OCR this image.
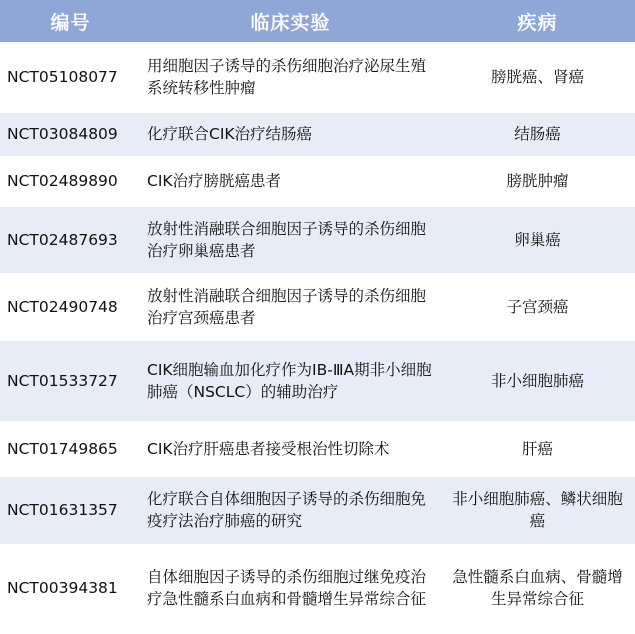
编号	临床实验	疾病
NCT05108077	用细胞因子诱导的杀伤细胞治疗泌尿生殖系统转移性肿瘤	膀胱癌、肾癌
NCT03084809	化疗联合CIK治疗结肠癌	结肠癌
NCT02489890	CIK治疗膀胱癌患者	膀胱肿瘤
NCT02487693	放射性消融联合细胞因子诱导的杀伤细胞治疗卵巢癌患者	卵巢癌
NCT02490748	放射性消融联合细胞因子诱导的杀伤细胞治疗宫颈癌患者	子宫颈癌
NCT01533727	CIK细胞输血加化疗作为IB-ⅢA期非小细胞肺癌（NSCLC）的辅助治疗	非小细胞肺癌
NCT01749865	CIK治疗肝癌患者接受根治性切除术	肝癌
NCT01631357	化疗联合自体细胞因子诱导的杀伤细胞免疫疗法治疗肺癌的研究	非小细胞肺癌、鳞状细胞癌
NCT00394381	自体细胞因子诱导的杀伤细胞过继免疫治疗急性髓系白血病和骨髓增生异常综合征	急性髓系白血病、骨髓增生异常综合征
